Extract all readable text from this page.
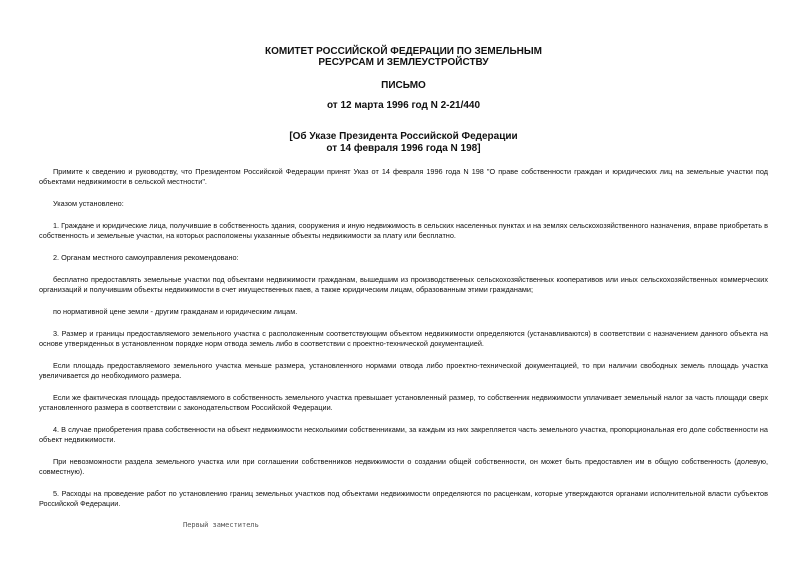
КОМИТЕТ РОССИЙСКОЙ ФЕДЕРАЦИИ ПО ЗЕМЕЛЬНЫМ
РЕСУРСАМ И ЗЕМЛЕУСТРОЙСТВУ
ПИСЬМО
от 12 марта 1996 год N 2-21/440
[Об Указе Президента Российской Федерации
от 14 февраля 1996 года N 198]

Примите к сведению и руководству, что Президентом Российской Федерации принят Указ от 14 февраля 1996 года N 198 "О праве собственности граждан и юридических лиц на земельные участки под объектами недвижимости в сельской местности".

Указом установлено:

1. Граждане и юридические лица, получившие в собственность здания, сооружения и иную недвижимость в сельских населенных пунктах и на землях сельскохозяйственного назначения, вправе приобретать в собственность и земельные участки, на которых расположены указанные объекты недвижимости за плату или бесплатно.

2. Органам местного самоуправления рекомендовано:

бесплатно предоставлять земельные участки под объектами недвижимости гражданам, вышедшим из производственных сельскохозяйственных кооперативов или иных сельскохозяйственных коммерческих организаций и получившим объекты недвижимости в счет имущественных паев, а также юридическим лицам, образованным этими гражданами;

по нормативной цене земли - другим гражданам и юридическим лицам.

3. Размер и границы предоставляемого земельного участка с расположенным соответствующим объектом недвижимости определяются (устанавливаются) в соответствии с назначением данного объекта на основе утвержденных в установленном порядке норм отвода земель либо в соответствии с проектно-технической документацией.

Если площадь предоставляемого земельного участка меньше размера, установленного нормами отвода либо проектно-технической документацией, то при наличии свободных земель площадь участка увеличивается до необходимого размера.

Если же фактическая площадь предоставляемого в собственность земельного участка превышает установленный размер, то собственник недвижимости уплачивает земельный налог за часть площади сверх установленного размера в соответствии с законодательством Российской Федерации.

4. В случае приобретения права собственности на объект недвижимости несколькими собственниками, за каждым из них закрепляется часть земельного участка, пропорциональная его доле собственности на объект недвижимости.

При невозможности раздела земельного участка или при соглашении собственников недвижимости о создании общей собственности, он может быть предоставлен им в общую собственность (долевую, совместную).

5. Расходы на проведение работ по установлению границ земельных участков под объектами недвижимости определяются по расценкам, которые утверждаются органами исполнительной власти субъектов Российской Федерации.

Первый заместитель
